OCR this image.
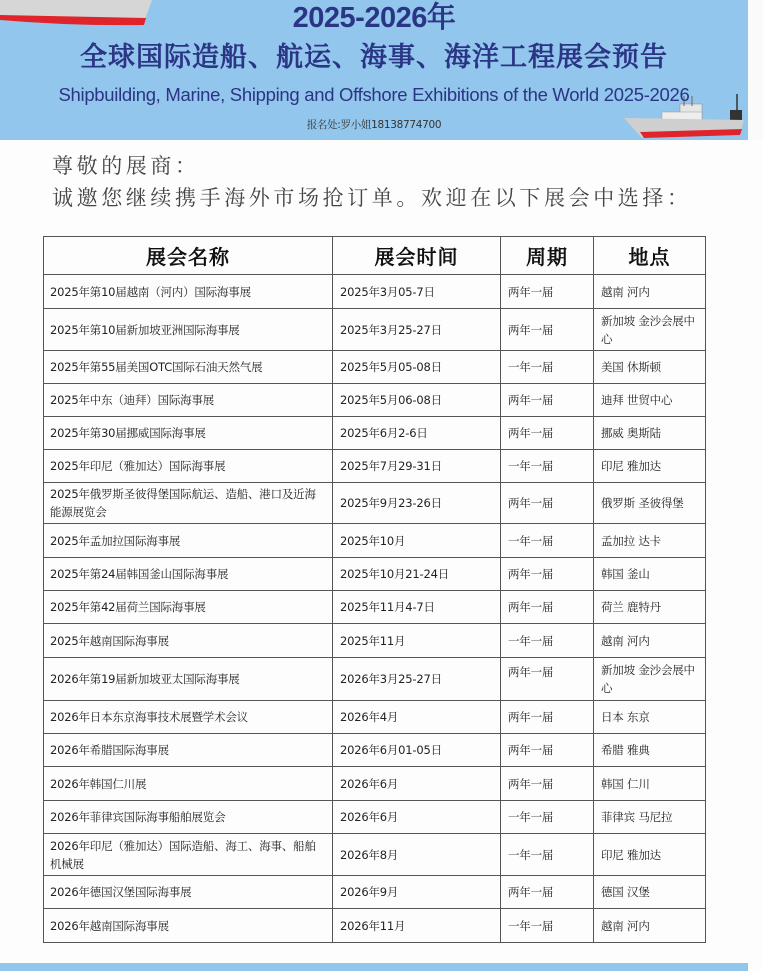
2025-2026年
全球国际造船、航运、海事、海洋工程展会预告
Shipbuilding, Marine, Shipping and Offshore Exhibitions of the World 2025-2026
报名处:罗小姐18138774700
尊敬的展商：
诚邀您继续携手海外市场抢订单。欢迎在以下展会中选择：
展会名称	展会时间	周期	地点
2025年第10届越南（河内）国际海事展	2025年3月05-7日	两年一届	越南 河内
2025年第10届新加坡亚洲国际海事展	2025年3月25-27日	两年一届	新加坡 金沙会展中心
2025年第55届美国OTC国际石油天然气展	2025年5月05-08日	一年一届	美国 休斯顿
2025年中东（迪拜）国际海事展	2025年5月06-08日	两年一届	迪拜 世贸中心
2025年第30届挪威国际海事展	2025年6月2-6日	两年一届	挪威 奥斯陆
2025年印尼（雅加达）国际海事展	2025年7月29-31日	一年一届	印尼 雅加达
2025年俄罗斯圣彼得堡国际航运、造船、港口及近海能源展览会	2025年9月23-26日	两年一届	俄罗斯 圣彼得堡
2025年孟加拉国际海事展	2025年10月	一年一届	孟加拉 达卡
2025年第24届韩国釜山国际海事展	2025年10月21-24日	两年一届	韩国 釜山
2025年第42届荷兰国际海事展	2025年11月4-7日	两年一届	荷兰 鹿特丹
2025年越南国际海事展	2025年11月	一年一届	越南 河内
2026年第19届新加坡亚太国际海事展	2026年3月25-27日	两年一届	新加坡 金沙会展中心
2026年日本东京海事技术展暨学术会议	2026年4月	两年一届	日本 东京
2026年希腊国际海事展	2026年6月01-05日	两年一届	希腊 雅典
2026年韩国仁川展	2026年6月	两年一届	韩国 仁川
2026年菲律宾国际海事船舶展览会	2026年6月	一年一届	菲律宾 马尼拉
2026年印尼（雅加达）国际造船、海工、海事、船舶机械展	2026年8月	一年一届	印尼 雅加达
2026年德国汉堡国际海事展	2026年9月	两年一届	德国 汉堡
2026年越南国际海事展	2026年11月	一年一届	越南 河内
